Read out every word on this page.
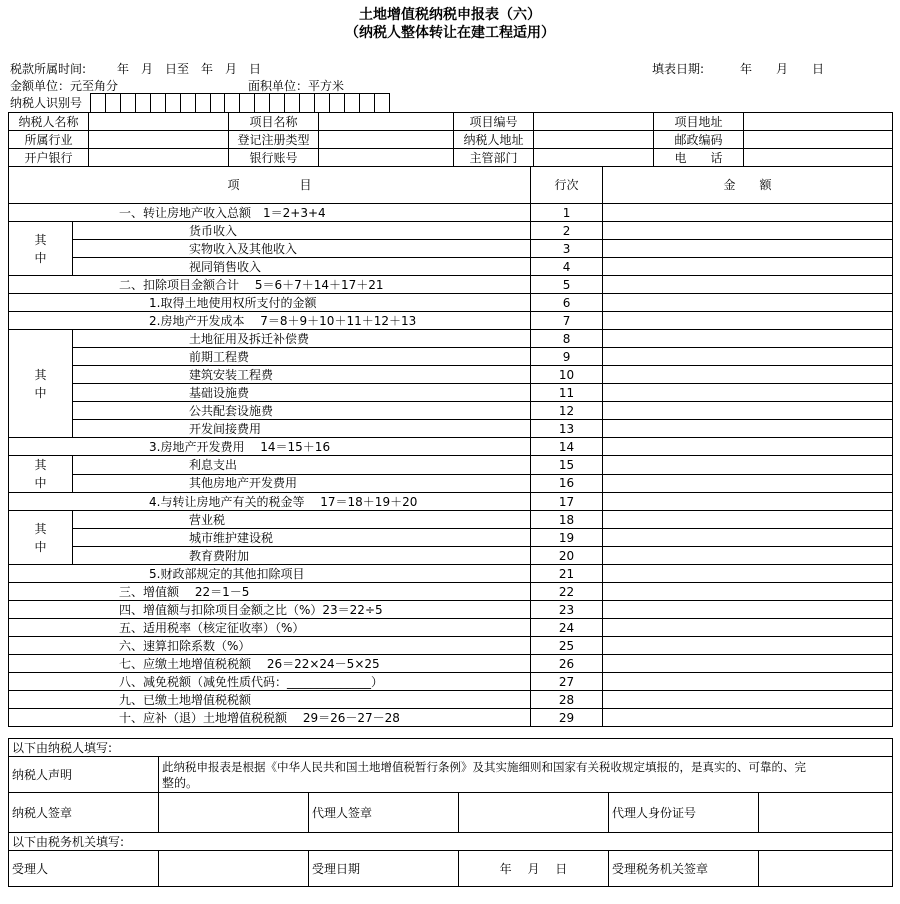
土地增值税纳税申报表（六）
（纳税人整体转让在建工程适用）
税款所属时间:	年　月　日至　年　月　日	填表日期:	年　　月　　日
金额单位：元至角分	面积单位：平方米
纳税人识别号

纳税人名称		项目名称		项目编号		项目地址	
所属行业		登记注册类型		纳税人地址		邮政编码	
开户银行		银行账号		主管部门		电　　话	
项　　　　　目		行次	金　　额
一、转让房地产收入总额　1＝2+3+4		1	
其中	货币收入	2	
	实物收入及其他收入	3	
	视同销售收入	4	
二、扣除项目金额合计　 5＝6＋7＋14＋17＋21		5	
1.取得土地使用权所支付的金额		6	
2.房地产开发成本　 7＝8＋9＋10＋11＋12＋13		7	
其中	土地征用及拆迁补偿费	8	
	前期工程费	9	
	建筑安装工程费	10	
	基础设施费	11	
	公共配套设施费	12	
	开发间接费用	13	
3.房地产开发费用　 14＝15＋16		14	
其中	利息支出	15	
	其他房地产开发费用	16	
4.与转让房地产有关的税金等　 17＝18＋19＋20		17	
其中	营业税	18	
	城市维护建设税	19	
	教育费附加	20	
5.财政部规定的其他扣除项目		21	
三、增值额　 22＝1－5		22	
四、增值额与扣除项目金额之比（%）23＝22÷5		23	
五、适用税率（核定征收率）（%）		24	
六、速算扣除系数（%）		25	
七、应缴土地增值税税额　 26＝22×24－5×25		26	
八、减免税额（减免性质代码：______________）		27	
九、已缴土地增值税税额		28	
十、应补（退）土地增值税税额　 29＝26－27－28		29	
以下由纳税人填写:					
纳税人声明	此纳税申报表是根据《中华人民共和国土地增值税暂行条例》及其实施细则和国家有关税收规定填报的，是真实的、可靠的、完
整的。				

纳税人签章		代理人签章		代理人身份证号	
以下由税务机关填写:					
受理人		受理日期	年　 月　 日	受理税务机关签章	
